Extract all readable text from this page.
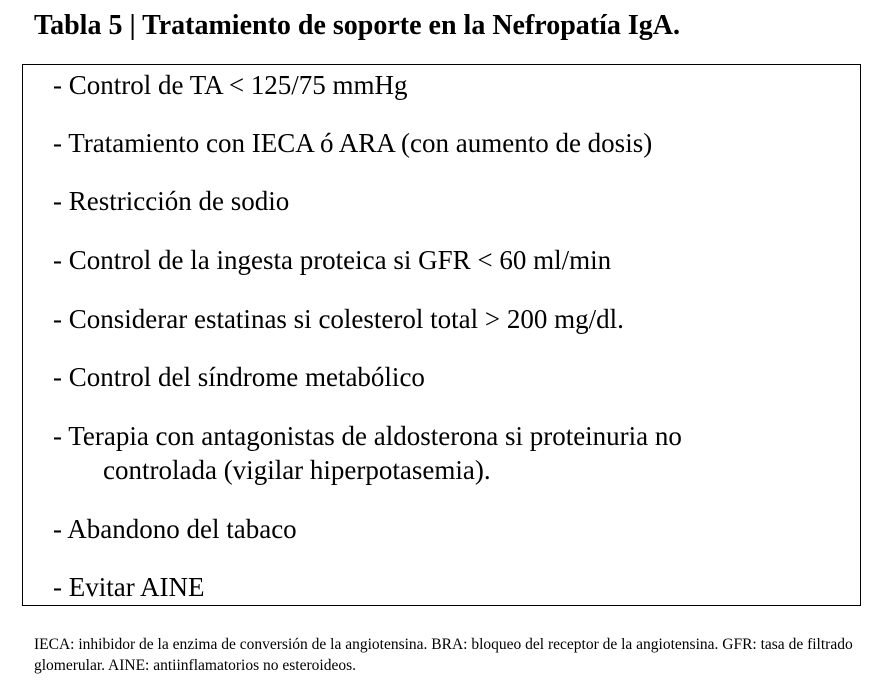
Tabla 5 | Tratamiento de soporte en la Nefropatía IgA.
- Control de TA < 125/75 mmHg
- Tratamiento con IECA ó ARA (con aumento de dosis)
- Restricción de sodio
- Control de la ingesta proteica si GFR < 60 ml/min
- Considerar estatinas si colesterol total > 200 mg/dl.
- Control del síndrome metabólico
- Terapia con antagonistas de aldosterona si proteinuria no
controlada (vigilar hiperpotasemia).
- Abandono del tabaco
- Evitar AINE
IECA: inhibidor de la enzima de conversión de la angiotensina. BRA: bloqueo del receptor de la angiotensina. GFR: tasa de filtrado glomerular. AINE: antiinflamatorios no esteroideos.
